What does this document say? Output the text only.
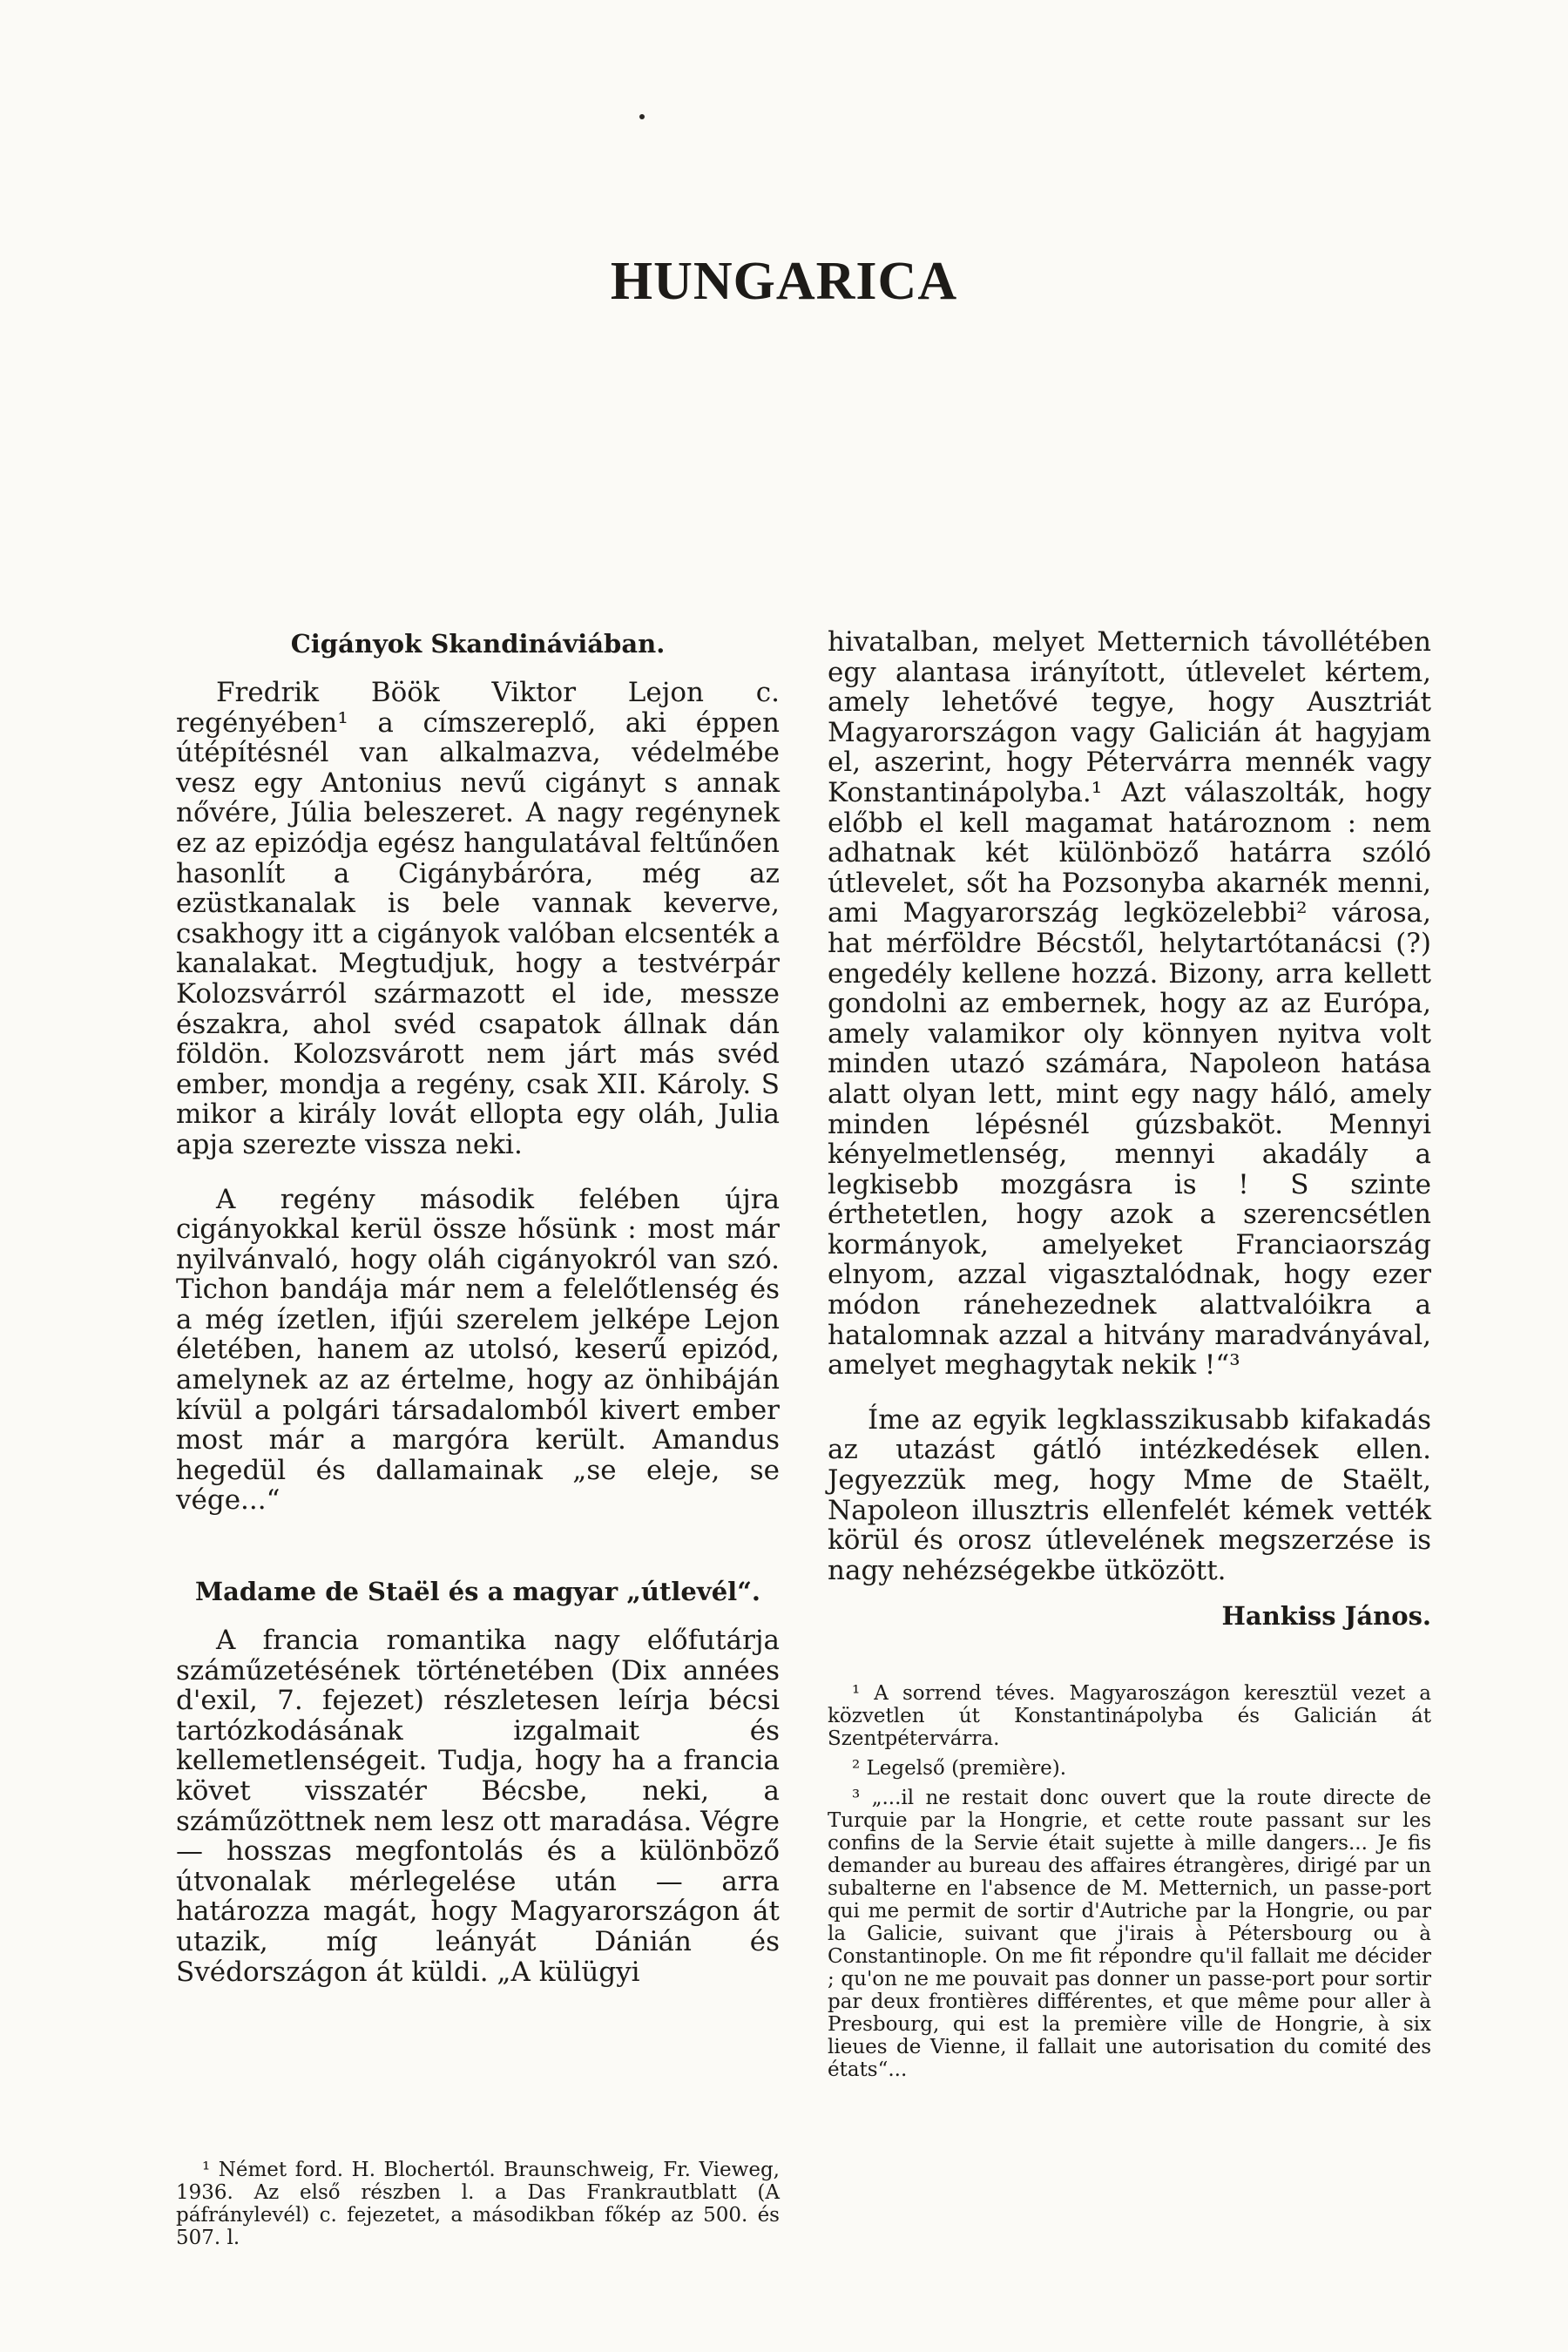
HUNGARICA
Cigányok Skandináviában.

Fredrik Böök Viktor Lejon c. regényében¹ a címszereplő, aki éppen útépítésnél van alkalmazva, védelmébe vesz egy Antonius nevű cigányt s annak nővére, Júlia beleszeret. A nagy regénynek ez az epizódja egész hangulatával feltűnően hasonlít a Cigánybáróra, még az ezüstkanalak is bele vannak keverve, csakhogy itt a cigányok valóban elcsenték a kanalakat. Megtudjuk, hogy a testvérpár Kolozsvárról származott el ide, messze északra, ahol svéd csapatok állnak dán földön. Kolozsvárott nem járt más svéd ember, mondja a regény, csak XII. Károly. S mikor a király lovát ellopta egy oláh, Julia apja szerezte vissza neki.

A regény második felében újra cigányokkal kerül össze hősünk : most már nyilvánvaló, hogy oláh cigányokról van szó. Tichon bandája már nem a felelőtlenség és a még ízetlen, ifjúi szerelem jelképe Lejon életében, hanem az utolsó, keserű epizód, amelynek az az értelme, hogy az önhibáján kívül a polgári társadalomból kivert ember most már a margóra került. Amandus hegedül és dallamainak „se eleje, se vége...“

Madame de Staël és a magyar „útlevél“.

A francia romantika nagy előfutárja száműzetésének történetében (Dix années d'exil, 7. fejezet) részletesen leírja bécsi tartózkodásának izgalmait és kellemetlenségeit. Tudja, hogy ha a francia követ visszatér Bécsbe, neki, a száműzöttnek nem lesz ott maradása. Végre — hosszas megfontolás és a különböző útvonalak mérlegelése után — arra határozza magát, hogy Magyarországon át utazik, míg leányát Dánián és Svédországon át küldi. „A külügyi

¹ Német ford. H. Blochertól. Braunschweig, Fr. Vieweg, 1936. Az első részben l. a Das Frankrautblatt (A páfránylevél) c. fejezetet, a másodikban főkép az 500. és 507. l.

hivatalban, melyet Metternich távollétében egy alantasa irányított, útlevelet kértem, amely lehetővé tegye, hogy Ausztriát Magyarországon vagy Galicián át hagyjam el, aszerint, hogy Pétervárra mennék vagy Konstantinápolyba.¹ Azt válaszolták, hogy előbb el kell magamat határoznom : nem adhatnak két különböző határra szóló útlevelet, sőt ha Pozsonyba akarnék menni, ami Magyarország legközelebbi² városa, hat mérföldre Bécstől, helytartótanácsi (?) engedély kellene hozzá. Bizony, arra kellett gondolni az embernek, hogy az az Európa, amely valamikor oly könnyen nyitva volt minden utazó számára, Napoleon hatása alatt olyan lett, mint egy nagy háló, amely minden lépésnél gúzsbaköt. Mennyi kényelmetlenség, mennyi akadály a legkisebb mozgásra is ! S szinte érthetetlen, hogy azok a szerencsétlen kormányok, amelyeket Franciaország elnyom, azzal vigasztalódnak, hogy ezer módon ránehezednek alattvalóikra a hatalomnak azzal a hitvány maradványával, amelyet meghagytak nekik !“³

Íme az egyik legklasszikusabb kifakadás az utazást gátló intézkedések ellen. Jegyezzük meg, hogy Mme de Staëlt, Napoleon illusztris ellenfelét kémek vették körül és orosz útlevelének megszerzése is nagy nehézségekbe ütközött.

Hankiss János.

¹ A sorrend téves. Magyaroszágon keresztül vezet a közvetlen út Konstantinápolyba és Galicián át Szentpétervárra.

² Legelső (première).

³ „...il ne restait donc ouvert que la route directe de Turquie par la Hongrie, et cette route passant sur les confins de la Servie était sujette à mille dangers... Je fis demander au bureau des affaires étrangères, dirigé par un subalterne en l'absence de M. Metternich, un passe-port qui me permit de sortir d'Autriche par la Hongrie, ou par la Galicie, suivant que j'irais à Pétersbourg ou à Constantinople. On me fit répondre qu'il fallait me décider ; qu'on ne me pouvait pas donner un passe-port pour sortir par deux frontières différentes, et que même pour aller à Presbourg, qui est la première ville de Hongrie, à six lieues de Vienne, il fallait une autorisation du comité des états“...
